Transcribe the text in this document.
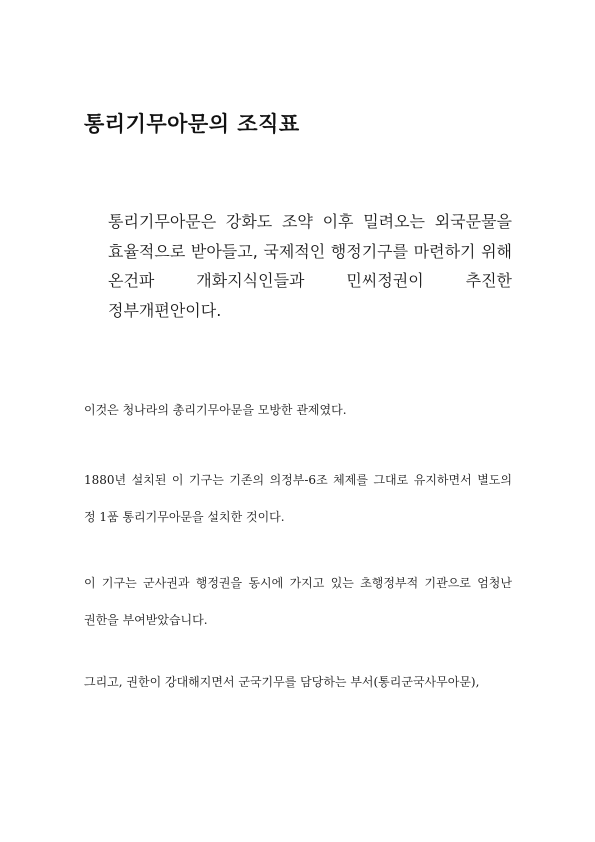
통리기무아문의 조직표

통리기무아문은 강화도 조약 이후 밀려오는 외국문물을 효율적으로 받아들고, 국제적인 행정기구를 마련하기 위해 온건파 개화지식인들과 민씨정권이 추진한 정부개편안이다.

이것은 청나라의 총리기무아문을 모방한 관제였다.

1880년 설치된 이 기구는 기존의 의정부-6조 체제를 그대로 유지하면서 별도의 정 1품 통리기무아문을 설치한 것이다.

이 기구는 군사권과 행정권을 동시에 가지고 있는 초행정부적 기관으로 엄청난 권한을 부여받았습니다.

그리고, 권한이 강대해지면서 군국기무를 담당하는 부서(통리군국사무아문),
